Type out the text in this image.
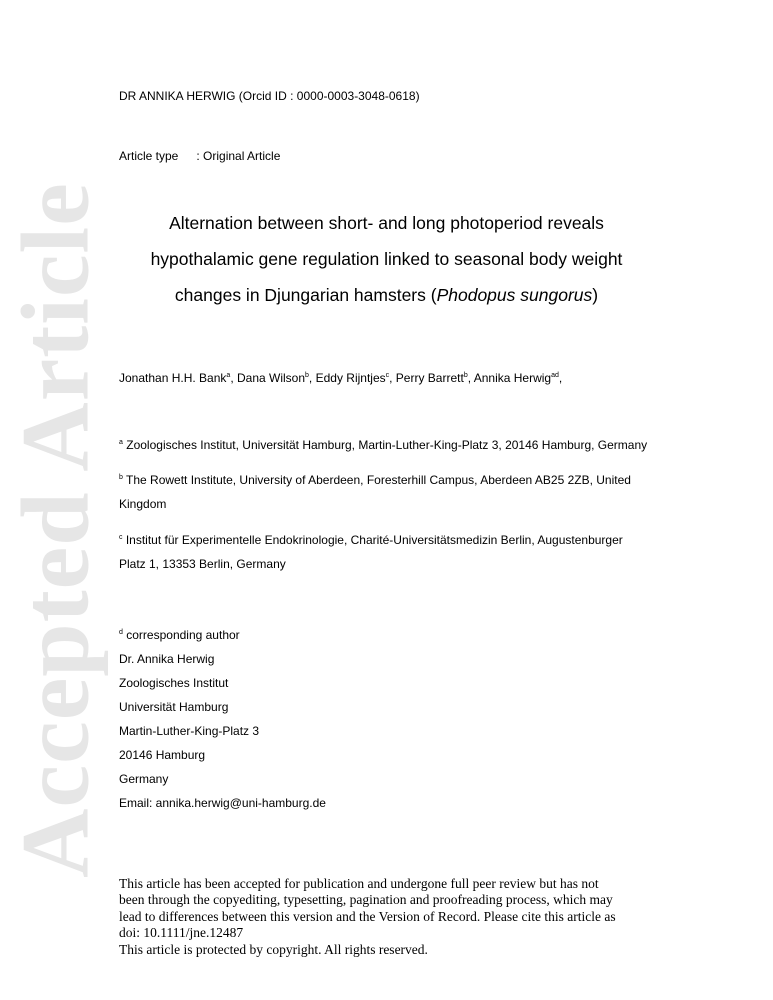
Accepted Article
DR ANNIKA HERWIG (Orcid ID : 0000-0003-3048-0618)
Article type : Original Article
Alternation between short- and long photoperiod reveals
hypothalamic gene regulation linked to seasonal body weight
changes in Djungarian hamsters (Phodopus sungorus)
Jonathan H.H. Bank$^a$, Dana Wilson$^b$, Eddy Rijntjes$^c$, Perry Barrett$^b$, Annika Herwig$^{ad}$,
$^a$ Zoologisches Institut, Universität Hamburg, Martin-Luther-King-Platz 3, 20146 Hamburg, Germany
$^b$ The Rowett Institute, University of Aberdeen, Foresterhill Campus, Aberdeen AB25 2ZB, United
Kingdom
$^c$ Institut für Experimentelle Endokrinologie, Charité-Universitätsmedizin Berlin, Augustenburger
Platz 1, 13353 Berlin, Germany
$^d$ corresponding author
Dr. Annika Herwig
Zoologisches Institut
Universität Hamburg
Martin-Luther-King-Platz 3
20146 Hamburg
Germany
Email: annika.herwig@uni-hamburg.de
This article has been accepted for publication and undergone full peer review but has not
been through the copyediting, typesetting, pagination and proofreading process, which may
lead to differences between this version and the Version of Record. Please cite this article as
doi: 10.1111/jne.12487
This article is protected by copyright. All rights reserved.
